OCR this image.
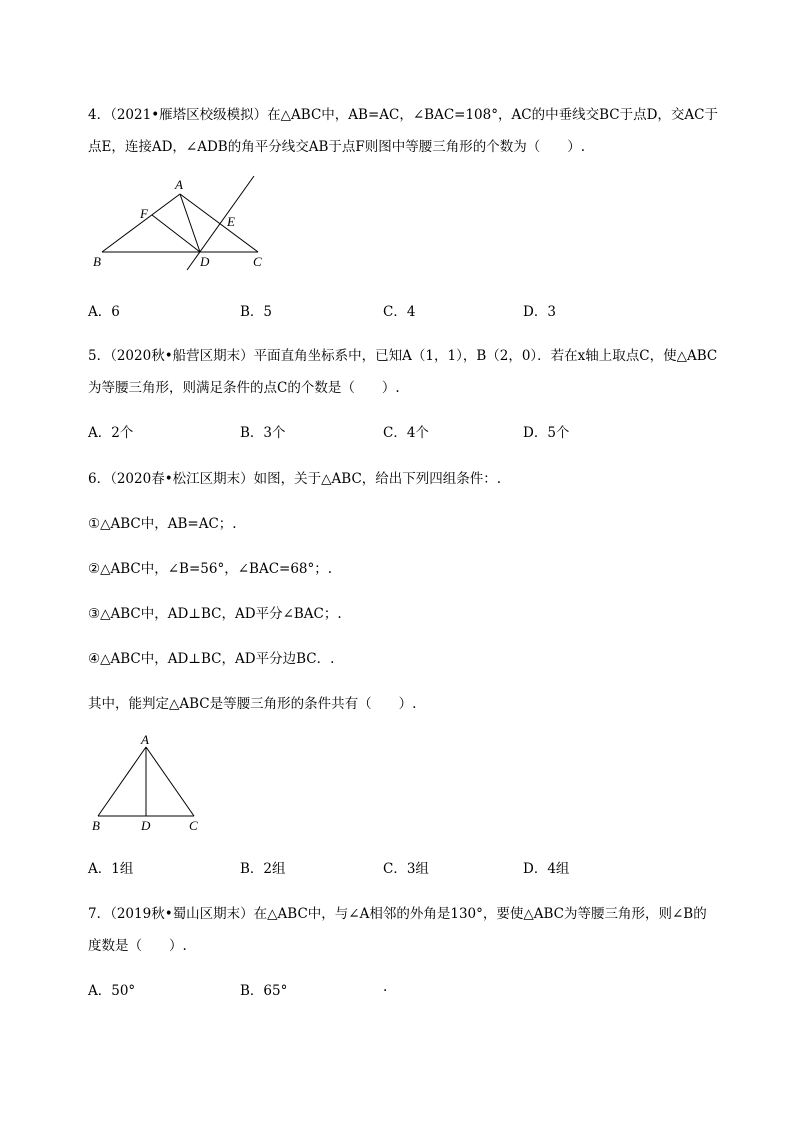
4．（2021•雁塔区校级模拟）在△ABC中，AB=AC，∠BAC=108°，AC的中垂线交BC于点D，交AC于
点E，连接AD，∠ADB的角平分线交AB于点F则图中等腰三角形的个数为（　　）.
A
F
E
B	D	C
A．6	B．5	C．4	D．3
5．（2020秋•船营区期末）平面直角坐标系中，已知A（1，1），B（2，0）．若在x轴上取点C，使△ABC
为等腰三角形，则满足条件的点C的个数是（　　）.
A．2个	B．3个	C．4个	D．5个
6．（2020春•松江区期末）如图，关于△ABC，给出下列四组条件：.
①△ABC中，AB=AC；.
②△ABC中，∠B=56°，∠BAC=68°；.
③△ABC中，AD⊥BC，AD平分∠BAC；.
④△ABC中，AD⊥BC，AD平分边BC．.
其中，能判定△ABC是等腰三角形的条件共有（　　）.
A
B	D	C
A．1组	B．2组	C．3组	D．4组
7．（2019秋•蜀山区期末）在△ABC中，与∠A相邻的外角是130°，要使△ABC为等腰三角形，则∠B的
度数是（　　）.
A．50°	B．65°	.
